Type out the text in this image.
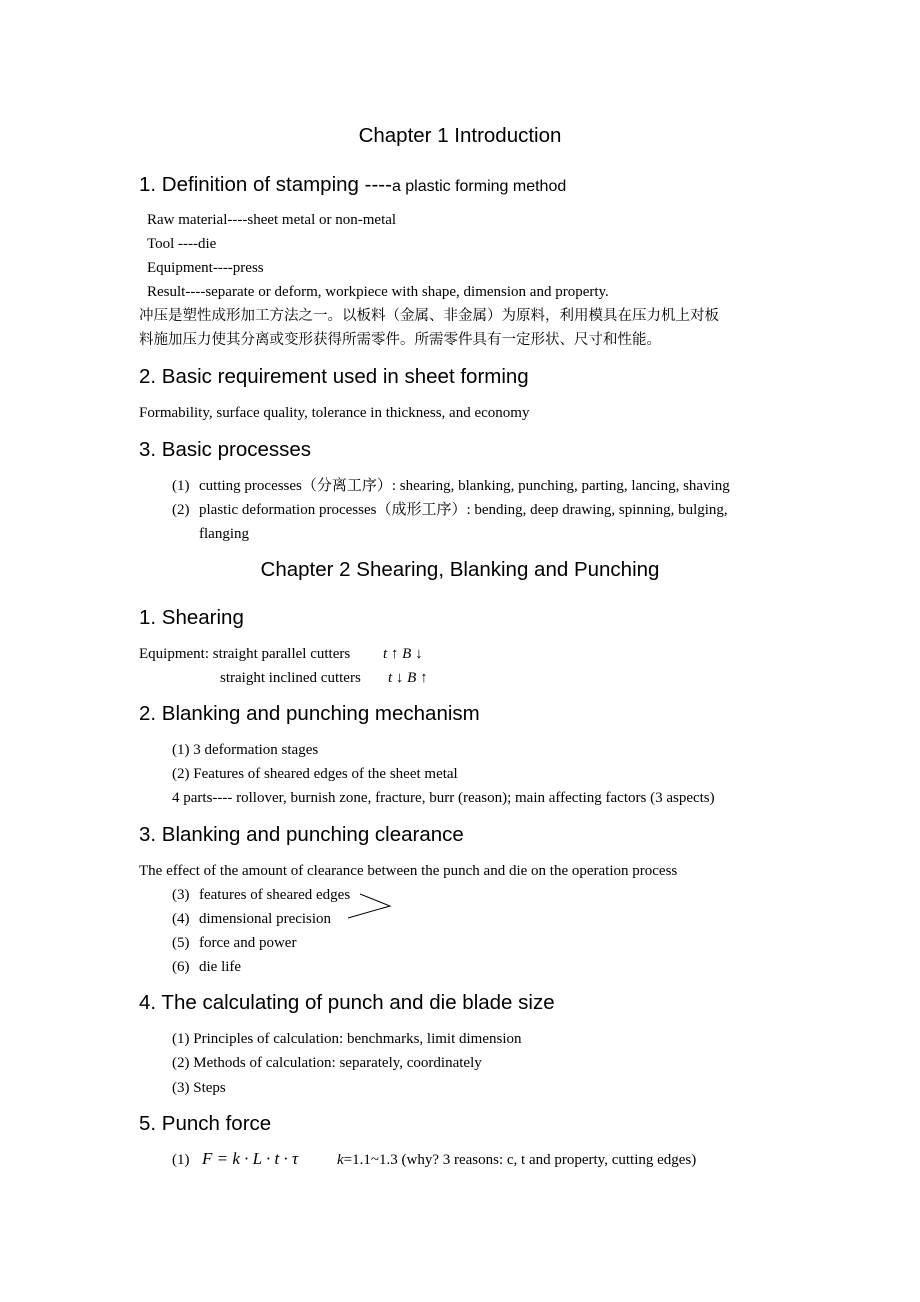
Chapter 1 Introduction
1. Definition of stamping ----a plastic forming method
Raw material----sheet metal or non-metal
Tool ----die
Equipment----press
Result----separate or deform, workpiece with shape, dimension and property.
冲压是塑性成形加工方法之一。以板料（金属、非金属）为原料，利用模具在压力机上对板
料施加压力使其分离或变形获得所需零件。所需零件具有一定形状、尺寸和性能。
2. Basic requirement used in sheet forming
Formability, surface quality, tolerance in thickness, and economy
3. Basic processes
(1) cutting processes（分离工序）: shearing, blanking, punching, parting, lancing, shaving
(2) plastic deformation processes（成形工序）: bending, deep drawing, spinning, bulging,
flanging
Chapter 2 Shearing, Blanking and Punching
1. Shearing
Equipment: straight parallel cutters t ↑ B ↓
straight inclined cutters t ↓ B ↑
2. Blanking and punching mechanism
(1) 3 deformation stages
(2) Features of sheared edges of the sheet metal
4 parts---- rollover, burnish zone, fracture, burr (reason); main affecting factors (3 aspects)
3. Blanking and punching clearance
The effect of the amount of clearance between the punch and die on the operation process
(3) features of sheared edges
(4) dimensional precision
(5) force and power
(6) die life
4. The calculating of punch and die blade size
(1) Principles of calculation: benchmarks, limit dimension
(2) Methods of calculation: separately, coordinately
(3) Steps
5. Punch force
(1) F = k · L · t · τ	k=1.1~1.3 (why? 3 reasons: c, t and property, cutting edges)
